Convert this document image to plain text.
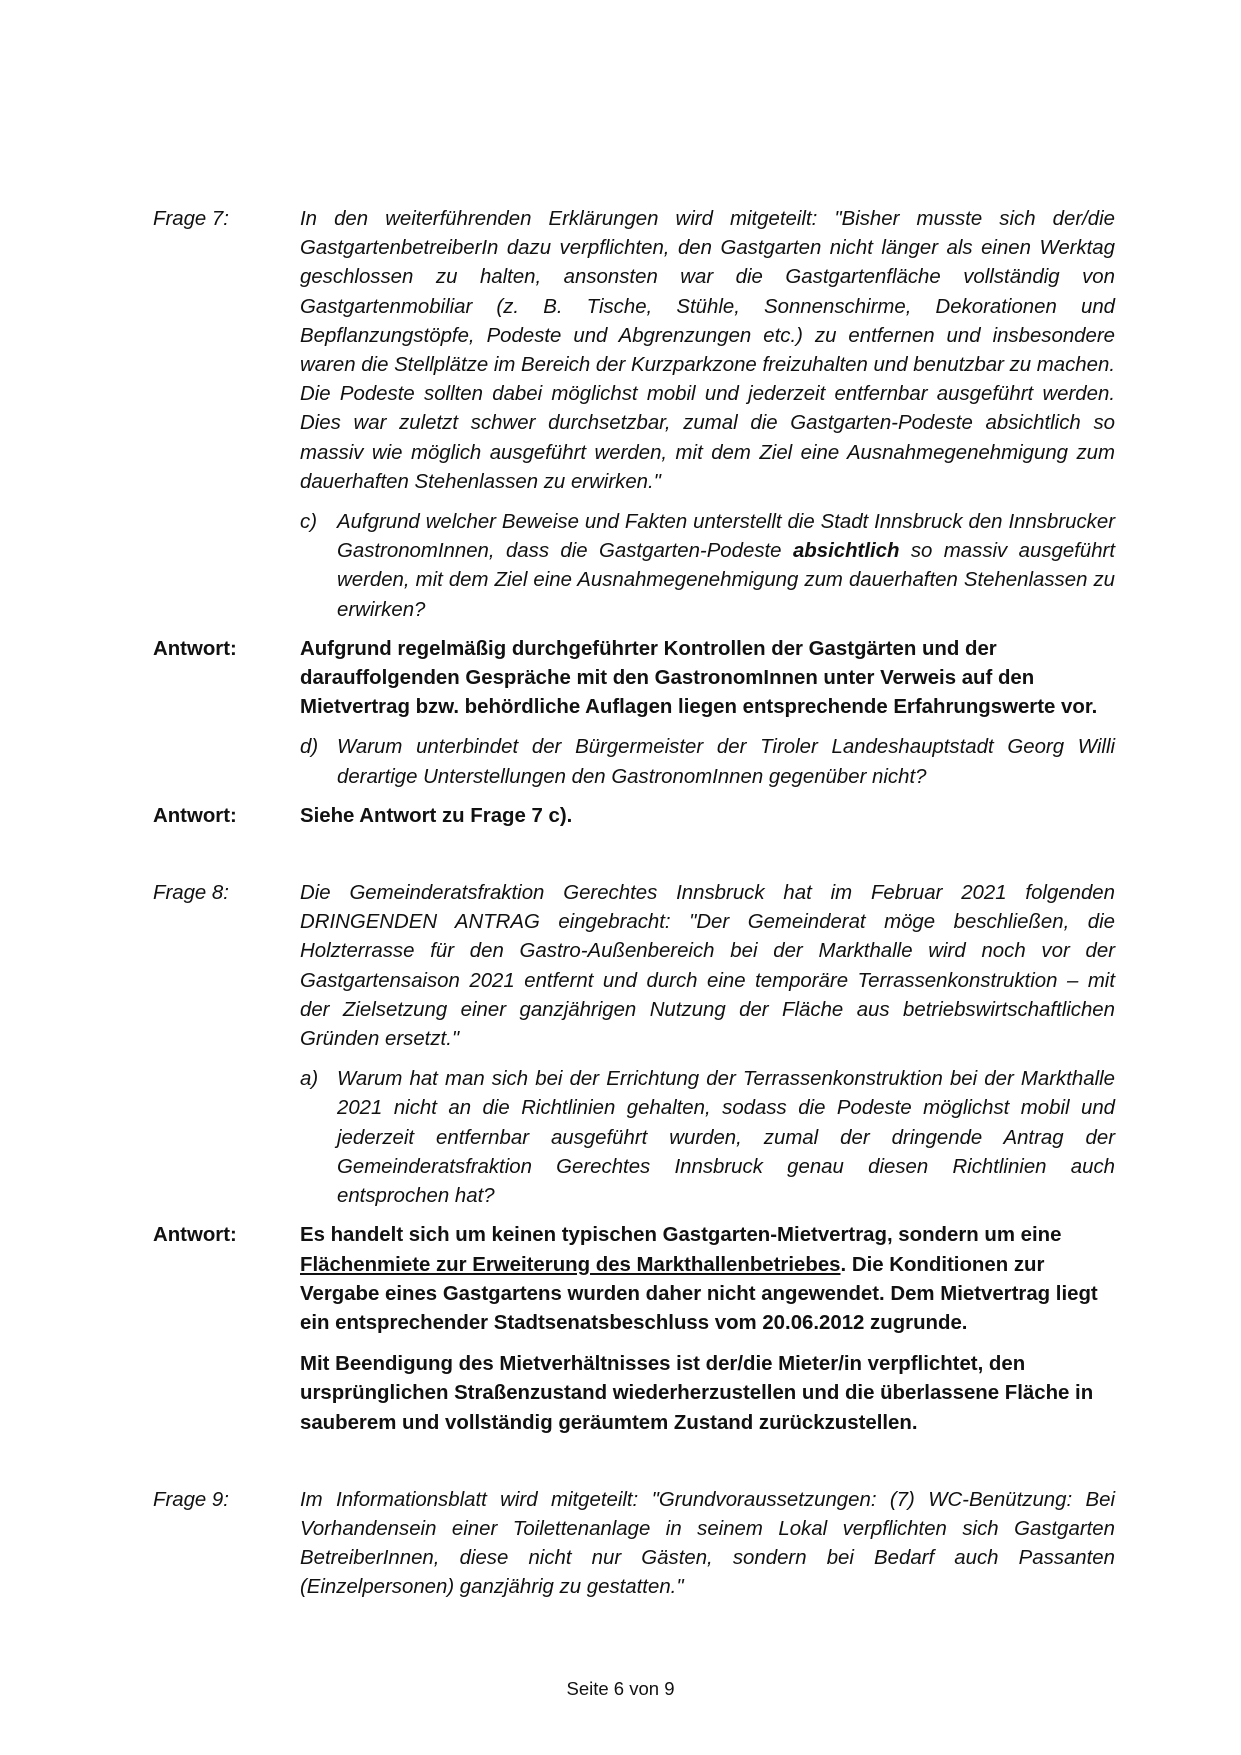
Frage 7:	In den weiterführenden Erklärungen wird mitgeteilt: "Bisher musste sich der/die GastgartenbetreiberIn dazu verpflichten, den Gastgarten nicht länger als einen Werktag geschlossen zu halten, ansonsten war die Gastgartenfläche vollständig von Gastgartenmobiliar (z. B. Tische, Stühle, Sonnenschirme, Dekorationen und Bepflanzungstöpfe, Podeste und Abgrenzungen etc.) zu entfernen und insbesondere waren die Stellplätze im Bereich der Kurzparkzone freizuhalten und benutzbar zu machen. Die Podeste sollten dabei möglichst mobil und jederzeit entfernbar ausgeführt werden. Dies war zuletzt schwer durchsetzbar, zumal die Gastgarten-Podeste absichtlich so massiv wie möglich ausgeführt werden, mit dem Ziel eine Ausnahmegenehmigung zum dauerhaften Stehenlassen zu erwirken."
c) Aufgrund welcher Beweise und Fakten unterstellt die Stadt Innsbruck den Innsbrucker GastronomInnen, dass die Gastgarten-Podeste absichtlich so massiv ausgeführt werden, mit dem Ziel eine Ausnahmegenehmigung zum dauerhaften Stehenlassen zu erwirken?
Antwort:	Aufgrund regelmäßig durchgeführter Kontrollen der Gastgärten und der darauffolgenden Gespräche mit den GastronomInnen unter Verweis auf den Mietvertrag bzw. behördliche Auflagen liegen entsprechende Erfahrungswerte vor.
d) Warum unterbindet der Bürgermeister der Tiroler Landeshauptstadt Georg Willi derartige Unterstellungen den GastronomInnen gegenüber nicht?
Antwort:	Siehe Antwort zu Frage 7 c).
Frage 8:	Die Gemeinderatsfraktion Gerechtes Innsbruck hat im Februar 2021 folgenden DRINGENDEN ANTRAG eingebracht: "Der Gemeinderat möge beschließen, die Holzterrasse für den Gastro-Außenbereich bei der Markthalle wird noch vor der Gastgartensaison 2021 entfernt und durch eine temporäre Terrassenkonstruktion – mit der Zielsetzung einer ganzjährigen Nutzung der Fläche aus betriebswirtschaftlichen Gründen ersetzt."
a) Warum hat man sich bei der Errichtung der Terrassenkonstruktion bei der Markthalle 2021 nicht an die Richtlinien gehalten, sodass die Podeste möglichst mobil und jederzeit entfernbar ausgeführt wurden, zumal der dringende Antrag der Gemeinderatsfraktion Gerechtes Innsbruck genau diesen Richtlinien auch entsprochen hat?
Antwort:	Es handelt sich um keinen typischen Gastgarten-Mietvertrag, sondern um eine Flächenmiete zur Erweiterung des Markthallenbetriebes. Die Konditionen zur Vergabe eines Gastgartens wurden daher nicht angewendet. Dem Mietvertrag liegt ein entsprechender Stadtsenatsbeschluss vom 20.06.2012 zugrunde.
Mit Beendigung des Mietverhältnisses ist der/die Mieter/in verpflichtet, den ursprünglichen Straßenzustand wiederherzustellen und die überlassene Fläche in sauberem und vollständig geräumtem Zustand zurückzustellen.
Frage 9:	Im Informationsblatt wird mitgeteilt: "Grundvoraussetzungen: (7) WC-Benützung: Bei Vorhandensein einer Toilettenanlage in seinem Lokal verpflichten sich Gastgarten BetreiberInnen, diese nicht nur Gästen, sondern bei Bedarf auch Passanten (Einzelpersonen) ganzjährig zu gestatten."
Seite 6 von 9
